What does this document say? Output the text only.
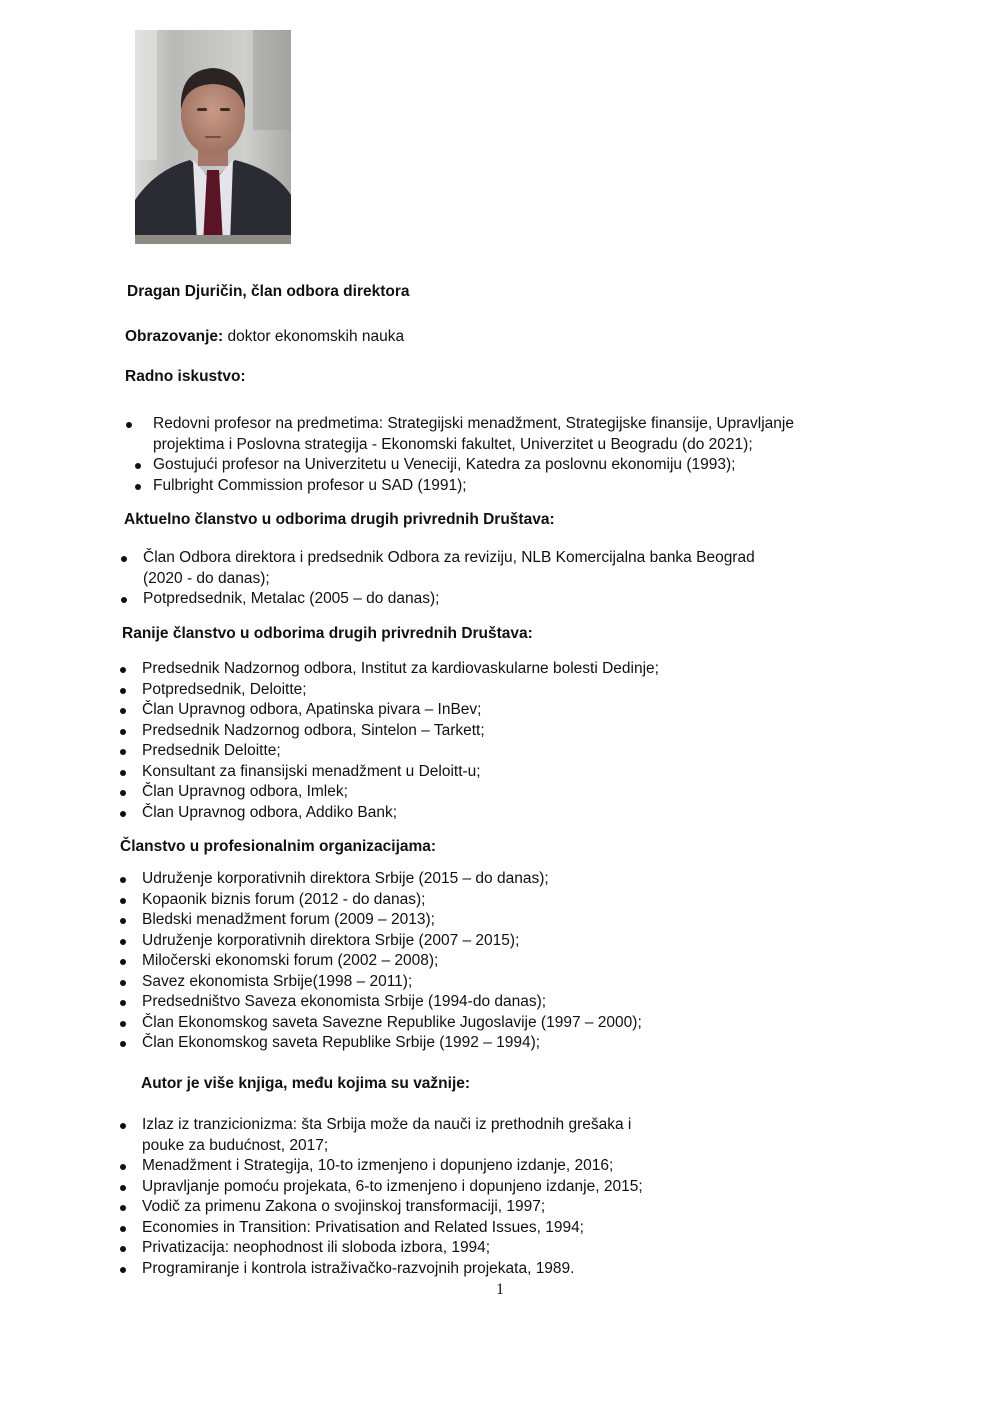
Dragan Djuričin, član odbora direktora
Obrazovanje: doktor ekonomskih nauka
Radno iskustvo:
Redovni profesor na predmetima: Strategijski menadžment, Strategijske finansije, Upravljanje
projektima i Poslovna strategija - Ekonomski fakultet, Univerzitet u Beogradu (do 2021);
Gostujući profesor na Univerzitetu u Veneciji, Katedra za poslovnu ekonomiju (1993);
Fulbright Commission profesor u SAD (1991);
Aktuelno članstvo u odborima drugih privrednih Društava:
Član Odbora direktora i predsednik Odbora za reviziju, NLB Komercijalna banka Beograd
(2020 - do danas);
Potpredsednik, Metalac (2005 – do danas);
Ranije članstvo u odborima drugih privrednih Društava:
Predsednik Nadzornog odbora, Institut za kardiovaskularne bolesti Dedinje;
Potpredsednik, Deloitte;
Član Upravnog odbora, Apatinska pivara – InBev;
Predsednik Nadzornog odbora, Sintelon – Tarkett;
Predsednik Deloitte;
Konsultant za finansijski menadžment u Deloitt-u;
Član Upravnog odbora, Imlek;
Član Upravnog odbora, Addiko Bank;
Članstvo u profesionalnim organizacijama:
Udruženje korporativnih direktora Srbije (2015 – do danas);
Kopaonik biznis forum (2012 - do danas);
Bledski menadžment forum (2009 – 2013);
Udruženje korporativnih direktora Srbije (2007 – 2015);
Miločerski ekonomski forum (2002 – 2008);
Savez ekonomista Srbije(1998 – 2011);
Predsedništvo Saveza ekonomista Srbije (1994-do danas);
Član Ekonomskog saveta Savezne Republike Jugoslavije (1997 – 2000);
Član Ekonomskog saveta Republike Srbije (1992 – 1994);
Autor je više knjiga, među kojima su važnije:
Izlaz iz tranzicionizma: šta Srbija može da nauči iz prethodnih grešaka i
pouke za budućnost, 2017;
Menadžment i Strategija, 10-to izmenjeno i dopunjeno izdanje, 2016;
Upravljanje pomoću projekata, 6-to izmenjeno i dopunjeno izdanje, 2015;
Vodič za primenu Zakona o svojinskoj transformaciji, 1997;
Economies in Transition: Privatisation and Related Issues, 1994;
Privatizacija: neophodnost ili sloboda izbora, 1994;
Programiranje i kontrola istraživačko-razvojnih projekata, 1989.
1
